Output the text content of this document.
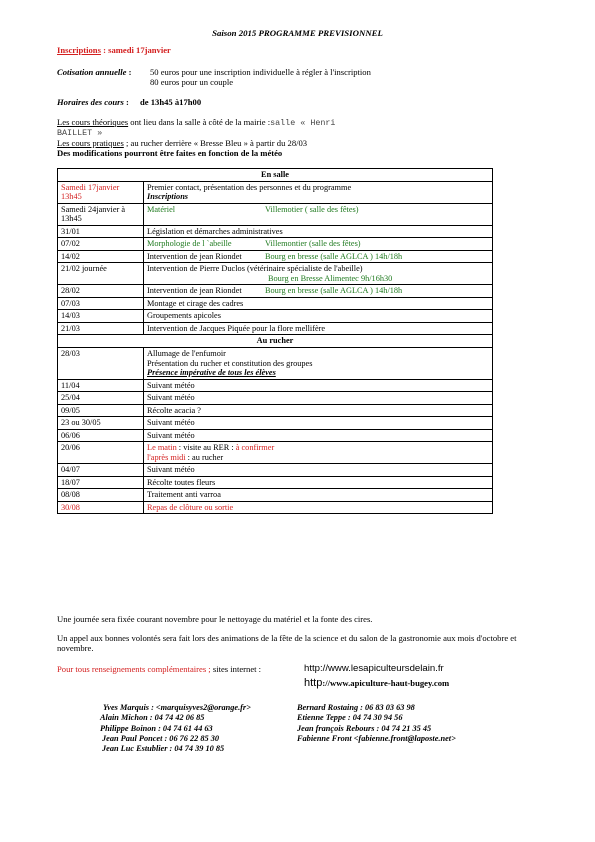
Saison 2015 PROGRAMME PREVISIONNEL
Inscriptions : samedi 17janvier
Cotisation annuelle : 50 euros pour une inscription individuelle à régler à l'inscription
80 euros pour un couple
Horaires des cours : de 13h45 à17h00
Les cours théoriques ont lieu dans la salle à côté de la mairie :salle « Henri
BAILLET »
Les cours pratiques ; au rucher derrière « Bresse Bleu » à partir du 28/03
Des modifications pourront être faites en fonction de la météo
En salle	
Samedi 17janvier 13h45	Premier contact, présentation des personnes et du programme
Inscriptions

Samedi 24janvier à 13h45	Matériel Villemotier ( salle des fêtes)
31/01	Législation et démarches administratives
07/02	Morphologie de l `abeille Villemontier (salle des fêtes)
14/02	Intervention de jean Riondet Bourg en bresse (salle AGLCA ) 14h/18h
21/02 journée	Intervention de Pierre Duclos (vétérinaire spécialiste de l'abeille)
Bourg en Bresse Alimentec 9h/16h30

28/02	Intervention de jean Riondet Bourg en bresse (salle AGLCA ) 14h/18h
07/03	Montage et cirage des cadres
14/03	Groupements apicoles
21/03	Intervention de Jacques Piquée pour la flore mellifère
Au rucher	
28/03	Allumage de l'enfumoir
Présentation du rucher et constitution des groupes
Présence impérative de tous les élèves

11/04	Suivant météo
25/04	Suivant météo
09/05	Récolte acacia ?
23 ou 30/05	Suivant météo
06/06	Suivant météo
20/06	Le matin : visite au RER : à confirmer
l'après midi : au rucher

04/07	Suivant météo
18/07	Récolte toutes fleurs
08/08	Traitement anti varroa
30/08	Repas de clôture ou sortie
Une journée sera fixée courant novembre pour le nettoyage du matériel et la fonte des cires.
Un appel aux bonnes volontés sera fait lors des animations de la fête de la science et du salon de la gastronomie aux mois d'octobre et novembre.
Pour tous renseignements complémentaires ; sites internet :	http://www.lesapiculteursdelain.fr
http://www.apiculture-haut-bugey.com
Yves Marquis : <marquisyves2@orange.fr>
Alain Michon : 04 74 42 06 85
Philippe Boinon : 04 74 61 44 63
Jean Paul Poncet : 06 76 22 85 30
Jean Luc Estublier : 04 74 39 10 85
Bernard Rostaing : 06 83 03 63 98
Etienne Teppe : 04 74 30 94 56
Jean françois Rebours : 04 74 21 35 45
Fabienne Front <fabienne.front@laposte.net>
